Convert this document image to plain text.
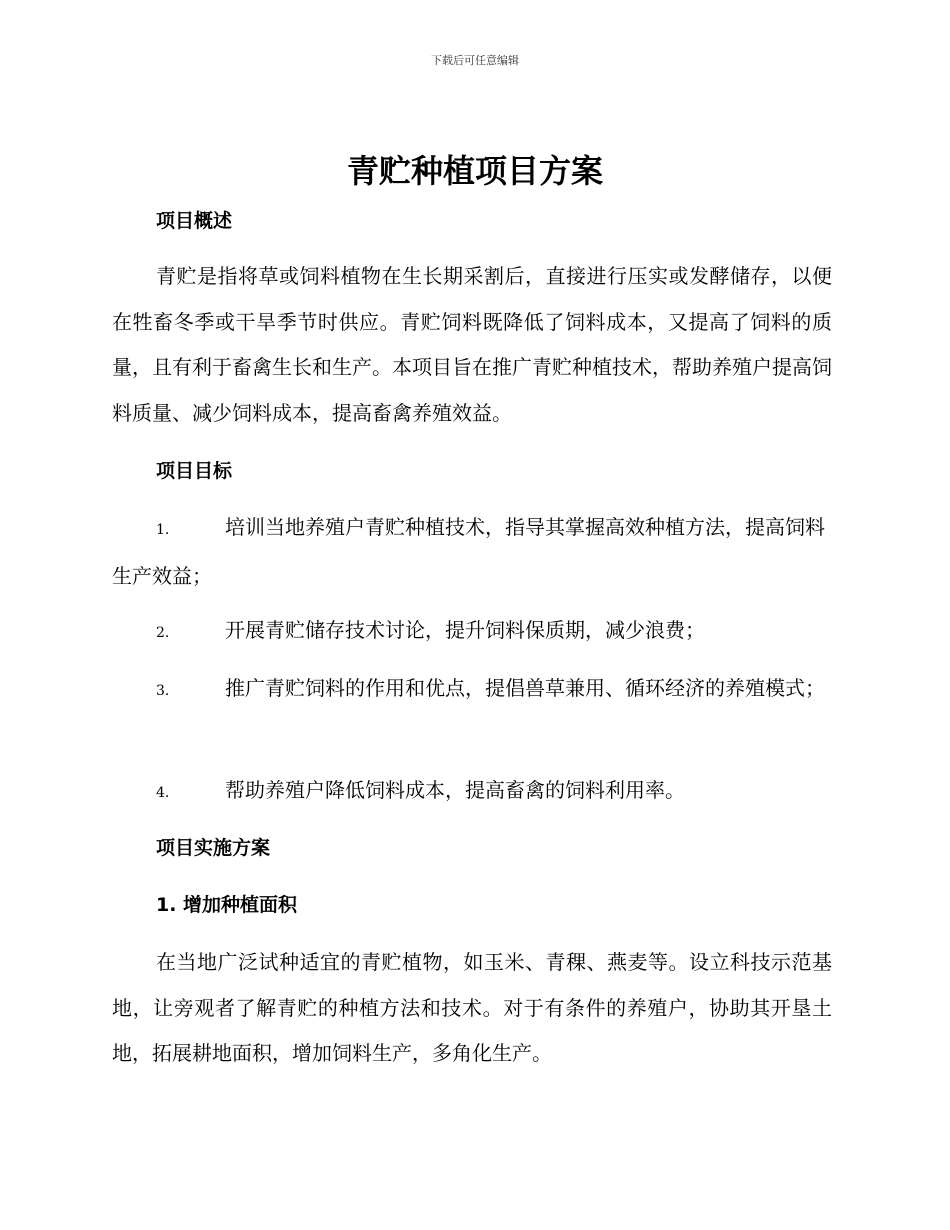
下载后可任意编辑
青贮种植项目方案
项目概述

青贮是指将草或饲料植物在生长期采割后，直接进行压实或发酵储存，以便在牲畜冬季或干旱季节时供应。青贮饲料既降低了饲料成本，又提高了饲料的质量，且有利于畜禽生长和生产。本项目旨在推广青贮种植技术，帮助养殖户提高饲料质量、减少饲料成本，提高畜禽养殖效益。

项目目标
1.	培训当地养殖户青贮种植技术，指导其掌握高效种植方法，提高饲料生产效益；
2.	开展青贮储存技术讨论，提升饲料保质期，减少浪费；
3.	推广青贮饲料的作用和优点，提倡兽草兼用、循环经济的养殖模式；
4.	帮助养殖户降低饲料成本，提高畜禽的饲料利用率。
项目实施方案
1. 增加种植面积

在当地广泛试种适宜的青贮植物，如玉米、青稞、燕麦等。设立科技示范基地，让旁观者了解青贮的种植方法和技术。对于有条件的养殖户，协助其开垦土地，拓展耕地面积，增加饲料生产，多角化生产。
